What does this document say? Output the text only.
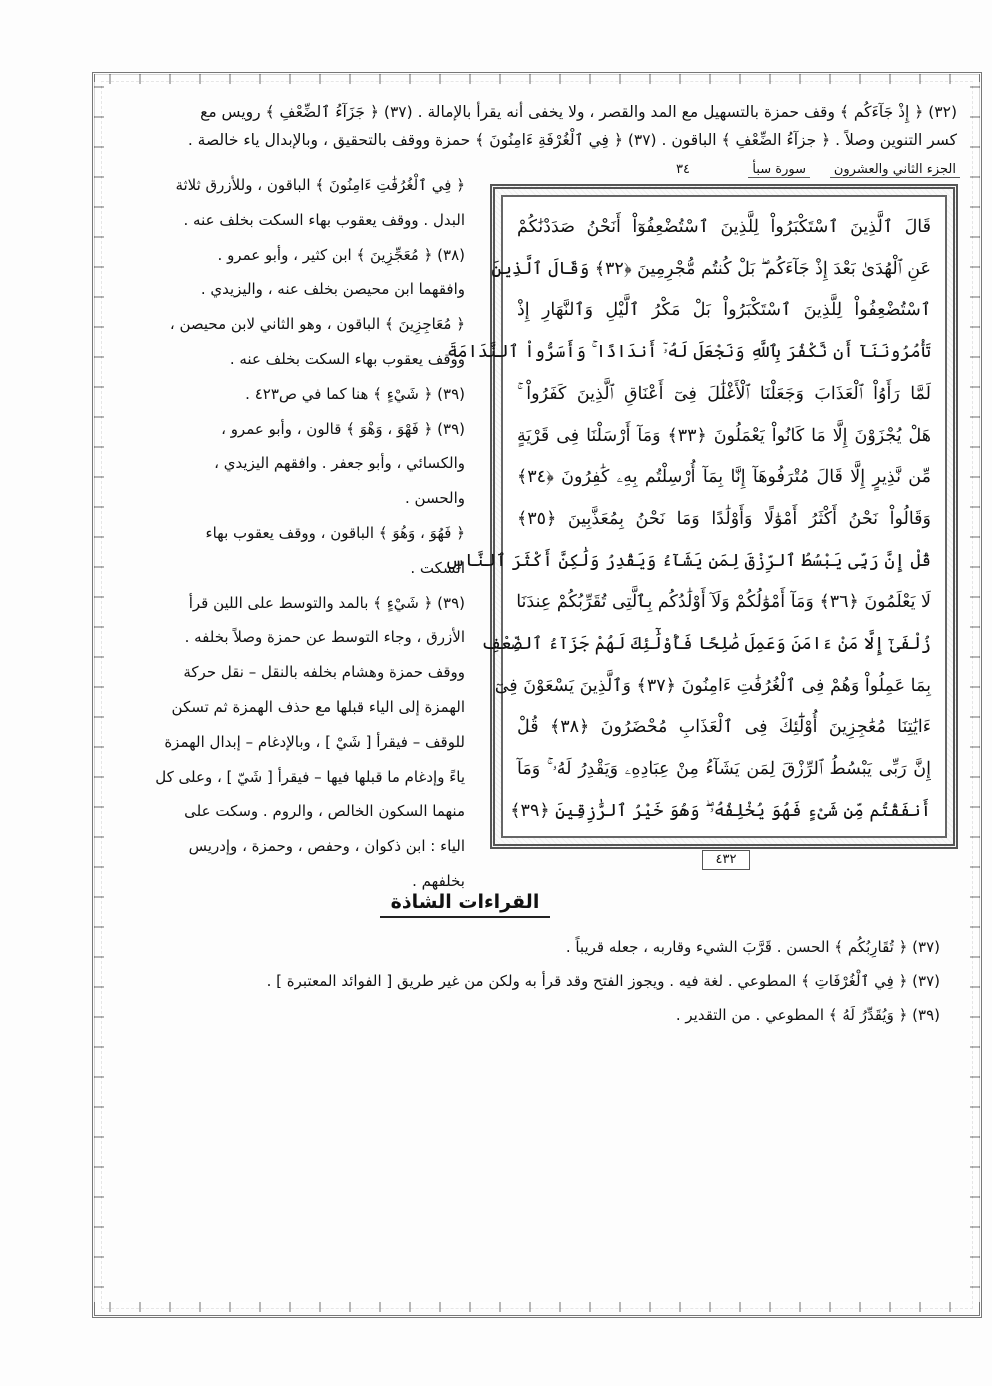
(٣٢) ﴿ إِذْ جَآءَكُم ﴾ وقف حمزة بالتسهيل مع المد والقصر ، ولا يخفى أنه يقرأ بالإمالة . (٣٧) ﴿ جَزَآءُ ٱلضِّعْفِ ﴾ رويس مع

كسر التنوين وصلاً . ﴿ جزآءُ الضِّعْفِ ﴾ الباقون . (٣٧) ﴿ فِي ٱلْغُرْفَةِ ءَامِنُونَ ﴾ حمزة ووقف بالتحقيق ، وبالإبدال ياء خالصة .

الجزء الثاني والعشرون
سورة سبأ
٣٤
قَالَ ٱلَّذِينَ ٱسْتَكْبَرُواْ لِلَّذِينَ ٱسْتُضْعِفُوٓاْ أَنَحْنُ صَدَدْنَٰكُمْ
عَنِ ٱلْهُدَىٰ بَعْدَ إِذْ جَآءَكُم ۖ بَلْ كُنتُم مُّجْرِمِينَ ﴿٣٢﴾ وَقَالَ ٱلَّذِينَ
ٱسْتُضْعِفُواْ لِلَّذِينَ ٱسْتَكْبَرُواْ بَلْ مَكْرُ ٱلَّيْلِ وَٱلنَّهَارِ إِذْ
تَأْمُرُونَنَآ أَن نَّكْفُرَ بِٱللَّهِ وَنَجْعَلَ لَهُۥٓ أَندَادًا ۚ وَأَسَرُّواْ ٱلنَّدَامَةَ
لَمَّا رَأَوُاْ ٱلْعَذَابَ وَجَعَلْنَا ٱلْأَغْلَٰلَ فِىٓ أَعْنَاقِ ٱلَّذِينَ كَفَرُواْ ۚ
هَلْ يُجْزَوْنَ إِلَّا مَا كَانُواْ يَعْمَلُونَ ﴿٣٣﴾ وَمَآ أَرْسَلْنَا فِى قَرْيَةٍ
مِّن نَّذِيرٍ إِلَّا قَالَ مُتْرَفُوهَآ إِنَّا بِمَآ أُرْسِلْتُم بِهِۦ كَٰفِرُونَ ﴿٣٤﴾
وَقَالُواْ نَحْنُ أَكْثَرُ أَمْوَٰلًا وَأَوْلَٰدًا وَمَا نَحْنُ بِمُعَذَّبِينَ ﴿٣٥﴾
قُلْ إِنَّ رَبِّى يَبْسُطُ ٱلرِّزْقَ لِمَن يَشَآءُ وَيَقْدِرُ وَلَٰكِنَّ أَكْثَرَ ٱلنَّاسِ
لَا يَعْلَمُونَ ﴿٣٦﴾ وَمَآ أَمْوَٰلُكُمْ وَلَآ أَوْلَٰدُكُم بِٱلَّتِى تُقَرِّبُكُمْ عِندَنَا
زُلْفَىٰٓ إِلَّا مَنْ ءَامَنَ وَعَمِلَ صَٰلِحًا فَأُوْلَٰٓئِكَ لَهُمْ جَزَآءُ ٱلضِّعْفِ
بِمَا عَمِلُواْ وَهُمْ فِى ٱلْغُرُفَٰتِ ءَامِنُونَ ﴿٣٧﴾ وَٱلَّذِينَ يَسْعَوْنَ فِىٓ
ءَايَٰتِنَا مُعَٰجِزِينَ أُوْلَٰٓئِكَ فِى ٱلْعَذَابِ مُحْضَرُونَ ﴿٣٨﴾ قُلْ
إِنَّ رَبِّى يَبْسُطُ ٱلرِّزْقَ لِمَن يَشَآءُ مِنْ عِبَادِهِۦ وَيَقْدِرُ لَهُۥ ۚ وَمَآ
أَنفَقْتُم مِّن شَىْءٍ فَهُوَ يُخْلِفُهُۥ ۖ وَهُوَ خَيْرُ ٱلرَّٰزِقِينَ ﴿٣٩﴾
٤٣٢

﴿ فِي ٱلْغُرُفَٰتِ ءَامِنُونَ ﴾ الباقون ، وللأزرق ثلاثة

البدل . ووقف يعقوب بهاء السكت بخلف عنه .

(٣٨) ﴿ مُعَجِّزِينَ ﴾ ابن كثير ، وأبو عمرو .

وافقهما ابن محيصن بخلف عنه ، واليزيدي .

﴿ مُعَاجِزِينَ ﴾ الباقون ، وهو الثاني لابن محيصن ،

ووقف يعقوب بهاء السكت بخلف عنه .

(٣٩) ﴿ شَيْءٍ ﴾ هنا كما في ص٤٢٣ .

(٣٩) ﴿ فَهْوَ ، وَهْوَ ﴾ قالون ، وأبو عمرو ،

والكسائي ، وأبو جعفر . وافقهم اليزيدي ،

والحسن .

﴿ فَهُوَ ، وَهُوَ ﴾ الباقون ، ووقف يعقوب بهاء

السكت .

(٣٩) ﴿ شَيْءٍ ﴾ بالمد والتوسط على اللين قرأ

الأزرق ، وجاء التوسط عن حمزة وصلاً بخلفه .

ووقف حمزة وهشام بخلفه بالنقل – نقل حركة

الهمزة إلى الياء قبلها مع حذف الهمزة ثم تسكن

للوقف – فيقرأ [ شَيْ ] ، وبالإدغام – إبدال الهمزة

ياءً وإدغام ما قبلها فيها – فيقرأ [ شَيّ ] ، وعلى كل

منهما السكون الخالص ، والروم . وسكت على

الياء : ابن ذكوان ، وحفص ، وحمزة ، وإدريس

بخلفهم .

القراءات الشاذة

(٣٧) ﴿ تُقَارِبُكُم ﴾ الحسن . قَرَّبَ الشيء وقاربه ، جعله قريباً .

(٣٧) ﴿ فِي ٱلْغُرْفَاتِ ﴾ المطوعي . لغة فيه . ويجوز الفتح وقد قرأ به ولكن من غير طريق [ الفوائد المعتبرة ] .

(٣٩) ﴿ وَيُقَدِّرُ لَهُ ﴾ المطوعي . من التقدير .
